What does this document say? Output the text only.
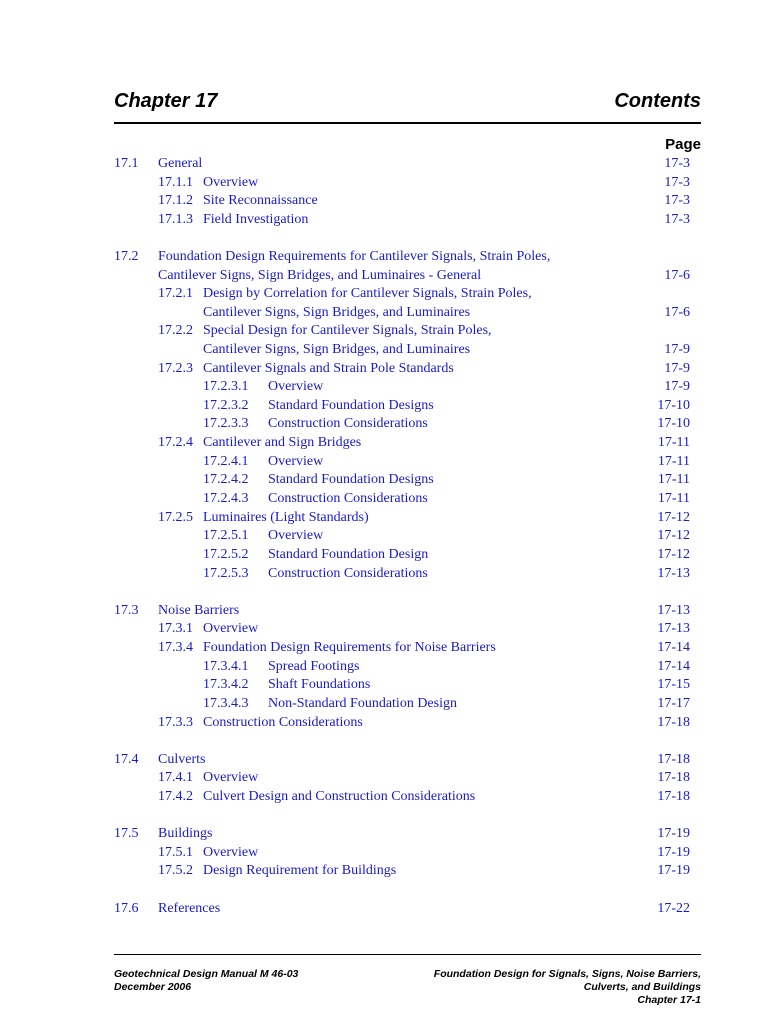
Chapter 17	Contents
Page
17.1 General	17-3
17.1.1 Overview	17-3
17.1.2 Site Reconnaissance	17-3
17.1.3 Field Investigation	17-3
17.2 Foundation Design Requirements for Cantilever Signals, Strain Poles,
Cantilever Signs, Sign Bridges, and Luminaires - General	17-6
17.2.1 Design by Correlation for Cantilever Signals, Strain Poles,
Cantilever Signs, Sign Bridges, and Luminaires	17-6
17.2.2 Special Design for Cantilever Signals, Strain Poles,
Cantilever Signs, Sign Bridges, and Luminaires	17-9
17.2.3 Cantilever Signals and Strain Pole Standards	17-9
17.2.3.1 Overview	17-9
17.2.3.2 Standard Foundation Designs	17-10
17.2.3.3 Construction Considerations	17-10
17.2.4 Cantilever and Sign Bridges	17-11
17.2.4.1 Overview	17-11
17.2.4.2 Standard Foundation Designs	17-11
17.2.4.3 Construction Considerations	17-11
17.2.5 Luminaires (Light Standards)	17-12
17.2.5.1 Overview	17-12
17.2.5.2 Standard Foundation Design	17-12
17.2.5.3 Construction Considerations	17-13
17.3 Noise Barriers	17-13
17.3.1 Overview	17-13
17.3.4 Foundation Design Requirements for Noise Barriers	17-14
17.3.4.1 Spread Footings	17-14
17.3.4.2 Shaft Foundations	17-15
17.3.4.3 Non-Standard Foundation Design	17-17
17.3.3 Construction Considerations	17-18
17.4 Culverts	17-18
17.4.1 Overview	17-18
17.4.2 Culvert Design and Construction Considerations	17-18
17.5 Buildings	17-19
17.5.1 Overview	17-19
17.5.2 Design Requirement for Buildings	17-19
17.6 References	17-22
Geotechnical Design Manual M 46-03
December 2006
Foundation Design for Signals, Signs, Noise Barriers,
Culverts, and Buildings
Chapter 17-1
